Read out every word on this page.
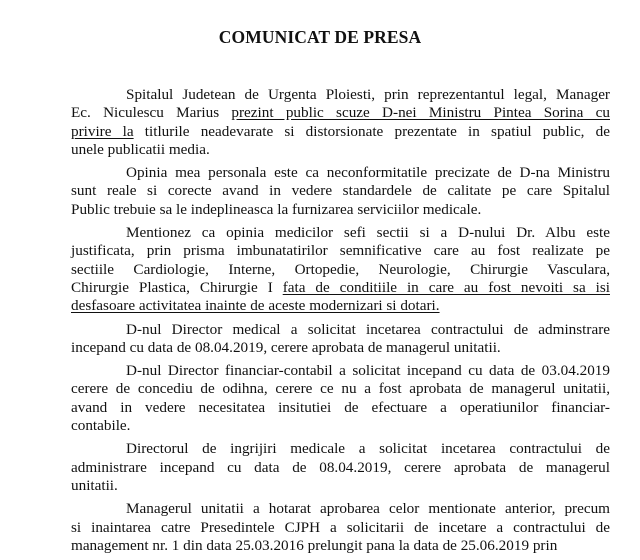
COMUNICAT DE PRESA
Spitalul Judetean de Urgenta Ploiesti, prin reprezentantul legal, Manager
Ec. Niculescu Marius prezint public scuze D-nei Ministru Pintea Sorina cu
privire la titlurile neadevarate si distorsionate prezentate in spatiul public, de
unele publicatii media.
Opinia mea personala este ca neconformitatile precizate de D-na Ministru
sunt reale si corecte avand in vedere standardele de calitate pe care Spitalul
Public trebuie sa le indeplineasca la furnizarea serviciilor medicale.
Mentionez ca opinia medicilor sefi sectii si a D-nului Dr. Albu este
justificata, prin prisma imbunatatirilor semnificative care au fost realizate pe
sectiile Cardiologie, Interne, Ortopedie, Neurologie, Chirurgie Vasculara,
Chirurgie Plastica, Chirurgie I fata de conditiile in care au fost nevoiti sa isi
desfasoare activitatea inainte de aceste modernizari si dotari.
D-nul Director medical a solicitat incetarea contractului de adminstrare
incepand cu data de 08.04.2019, cerere aprobata de managerul unitatii.
D-nul Director financiar-contabil a solicitat incepand cu data de 03.04.2019
cerere de concediu de odihna, cerere ce nu a fost aprobata de managerul unitatii,
avand in vedere necesitatea insitutiei de efectuare a operatiunilor financiar-
contabile.
Directorul de ingrijiri medicale a solicitat incetarea contractului de
administrare incepand cu data de 08.04.2019, cerere aprobata de managerul
unitatii.
Managerul unitatii a hotarat aprobarea celor mentionate anterior, precum
si inaintarea catre Presedintele CJPH a solicitarii de incetare a contractului de
management nr. 1 din data 25.03.2016 prelungit pana la data de 25.06.2019 prin
